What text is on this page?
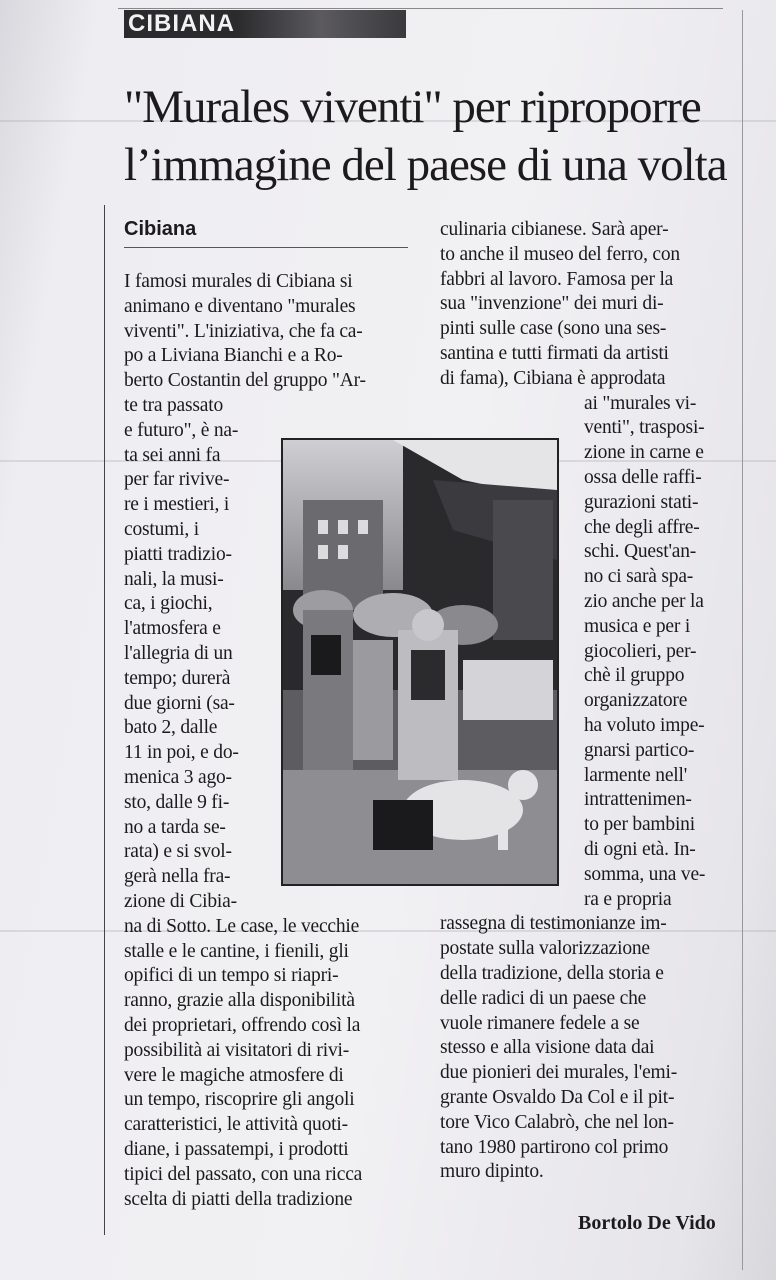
CIBIANA
"Murales viventi" per riproporre
l’immagine del paese di una volta
Cibiana
I famosi murales di Cibiana si
animano e diventano "murales
viventi". L'iniziativa, che fa ca-
po a Liviana Bianchi e a Ro-
berto Costantin del gruppo "Ar-
te tra passato
e futuro", è na-
ta sei anni fa
per far rivive-
re i mestieri, i
costumi, i
piatti tradizio-
nali, la musi-
ca, i giochi,
l'atmosfera e
l'allegria di un
tempo; durerà
due giorni (sa-
bato 2, dalle
11 in poi, e do-
menica 3 ago-
sto, dalle 9 fi-
no a tarda se-
rata) e si svol-
gerà nella fra-
zione di Cibia-
na di Sotto. Le case, le vecchie
stalle e le cantine, i fienili, gli
opifici di un tempo si riapri-
ranno, grazie alla disponibilità
dei proprietari, offrendo così la
possibilità ai visitatori di rivi-
vere le magiche atmosfere di
un tempo, riscoprire gli angoli
caratteristici, le attività quoti-
diane, i passatempi, i prodotti
tipici del passato, con una ricca
scelta di piatti della tradizione
culinaria cibianese. Sarà aper-
to anche il museo del ferro, con
fabbri al lavoro. Famosa per la
sua "invenzione" dei muri di-
pinti sulle case (sono una ses-
santina e tutti firmati da artisti
di fama), Cibiana è approdata
ai "murales vi-
venti", trasposi-
zione in carne e
ossa delle raffi-
gurazioni stati-
che degli affre-
schi. Quest'an-
no ci sarà spa-
zio anche per la
musica e per i
giocolieri, per-
chè il gruppo
organizzatore
ha voluto impe-
gnarsi partico-
larmente nell'
intrattenimen-
to per bambini
di ogni età. In-
somma, una ve-
ra e propria
rassegna di testimonianze im-
postate sulla valorizzazione
della tradizione, della storia e
delle radici di un paese che
vuole rimanere fedele a se
stesso e alla visione data dai
due pionieri dei murales, l'emi-
grante Osvaldo Da Col e il pit-
tore Vico Calabrò, che nel lon-
tano 1980 partirono col primo
muro dipinto.
Bortolo De Vido
